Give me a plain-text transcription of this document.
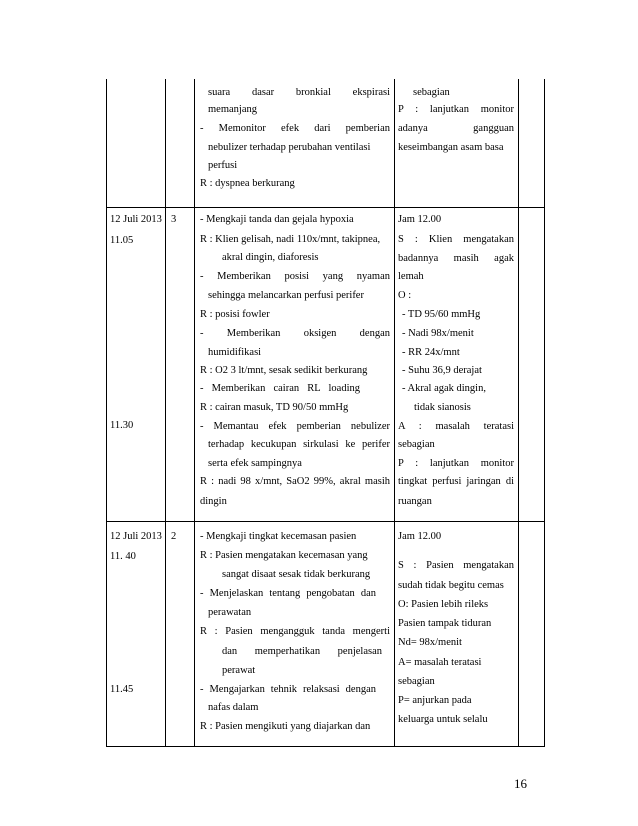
suara dasar bronkial ekspirasi
memanjang
- Memonitor efek dari pemberian
nebulizer terhadap perubahan ventilasi
perfusi
R : dyspnea berkurang
sebagian
P : lanjutkan monitor
adanya gangguan
keseimbangan asam basa
12 Juli 2013
11.05
11.30
3 - Mengkaji tanda dan gejala hypoxia
R : Klien gelisah, nadi 110x/mnt, takipnea,
akral dingin, diaforesis
- Memberikan posisi yang nyaman
sehingga melancarkan perfusi perifer
R : posisi fowler
- Memberikan oksigen dengan
humidifikasi
R : O2 3 lt/mnt, sesak sedikit berkurang
- Memberikan cairan RL loading
R : cairan masuk, TD 90/50 mmHg
- Memantau efek pemberian nebulizer
terhadap kecukupan sirkulasi ke perifer
serta efek sampingnya
R : nadi 98 x/mnt, SaO2 99%, akral masih
dingin
Jam 12.00
S : Klien mengatakan
badannya masih agak
lemah
O :
- TD 95/60 mmHg
- Nadi 98x/menit
- RR 24x/mnt
- Suhu 36,9 derajat
- Akral agak dingin,
tidak sianosis
A : masalah teratasi
sebagian
P : lanjutkan monitor
tingkat perfusi jaringan di
ruangan
12 Juli 2013
11. 40
11.45
2 - Mengkaji tingkat kecemasan pasien
R : Pasien mengatakan kecemasan yang
sangat disaat sesak tidak berkurang
- Menjelaskan tentang pengobatan dan
perawatan
R : Pasien mengangguk tanda mengerti
dan memperhatikan penjelasan
perawat
- Mengajarkan tehnik relaksasi dengan
nafas dalam
R : Pasien mengikuti yang diajarkan dan
Jam 12.00
S : Pasien mengatakan
sudah tidak begitu cemas
O: Pasien lebih rileks
Pasien tampak tiduran
Nd= 98x/menit
A= masalah teratasi
sebagian
P= anjurkan pada
keluarga untuk selalu
16
